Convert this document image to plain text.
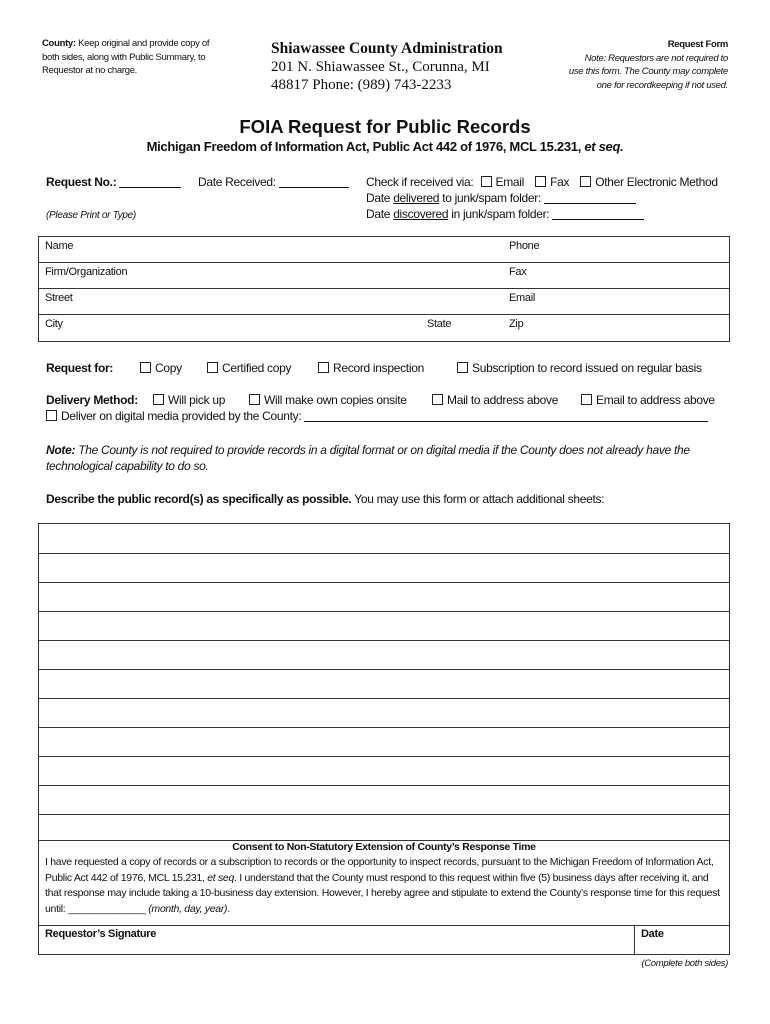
County: Keep original and provide copy of both sides, along with Public Summary, to Requestor at no charge.
Shiawassee County Administration
201 N. Shiawassee St., Corunna, MI
48817 Phone: (989) 743-2233
Request Form
Note: Requestors are not required to use this form. The County may complete one for recordkeeping if not used.
FOIA Request for Public Records
Michigan Freedom of Information Act, Public Act 442 of 1976, MCL 15.231, et seq.
Request No.:	Date Received:	Check if received via: Email Fax Other Electronic Method
Date delivered to junk/spam folder:
Date discovered in junk/spam folder:
(Please Print or Type)
Name	Phone
Firm/Organization	Fax
Street	Email
City	State	Zip
Request for:	Copy	Certified copy	Record inspection	Subscription to record issued on regular basis
Delivery Method:	Will pick up	Will make own copies onsite	Mail to address above	Email to address above
Deliver on digital media provided by the County:
Note: The County is not required to provide records in a digital format or on digital media if the County does not already have the technological capability to do so.
Describe the public record(s) as specifically as possible. You may use this form or attach additional sheets:
Consent to Non-Statutory Extension of County’s Response Time
I have requested a copy of records or a subscription to records or the opportunity to inspect records, pursuant to the Michigan Freedom of Information Act, Public Act 442 of 1976, MCL 15.231, et seq. I understand that the County must respond to this request within five (5) business days after receiving it, and that response may include taking a 10-business day extension. However, I hereby agree and stipulate to extend the County’s response time for this request until: ______________ (month, day, year).
Requestor’s Signature	Date
(Complete both sides)
